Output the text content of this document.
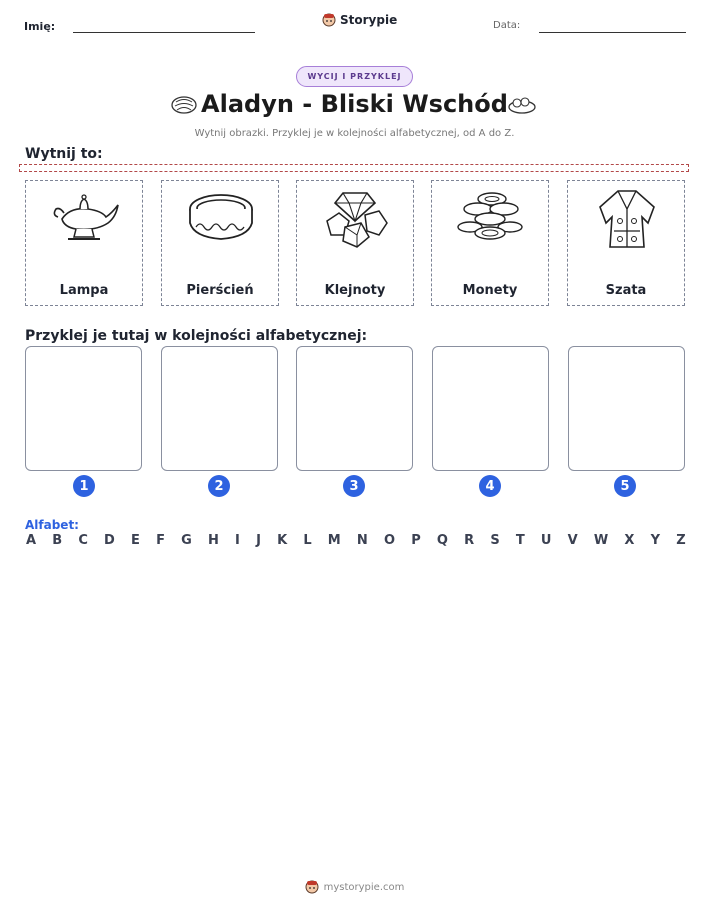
Imię:	Storypie	Data:
WYCIJ I PRZYKLEJ
Aladyn - Bliski Wschód
Wytnij obrazki. Przyklej je w kolejności alfabetycznej, od A do Z.
Wytnij to:
Lampa	Pierścień	Klejnoty	Monety	Szata
Przyklej je tutaj w kolejności alfabetycznej:
1	2	3	4	5
Alfabet:
A B C D E F G H I J K L M N O P Q R S T U V W X Y Z
mystorypie.com
